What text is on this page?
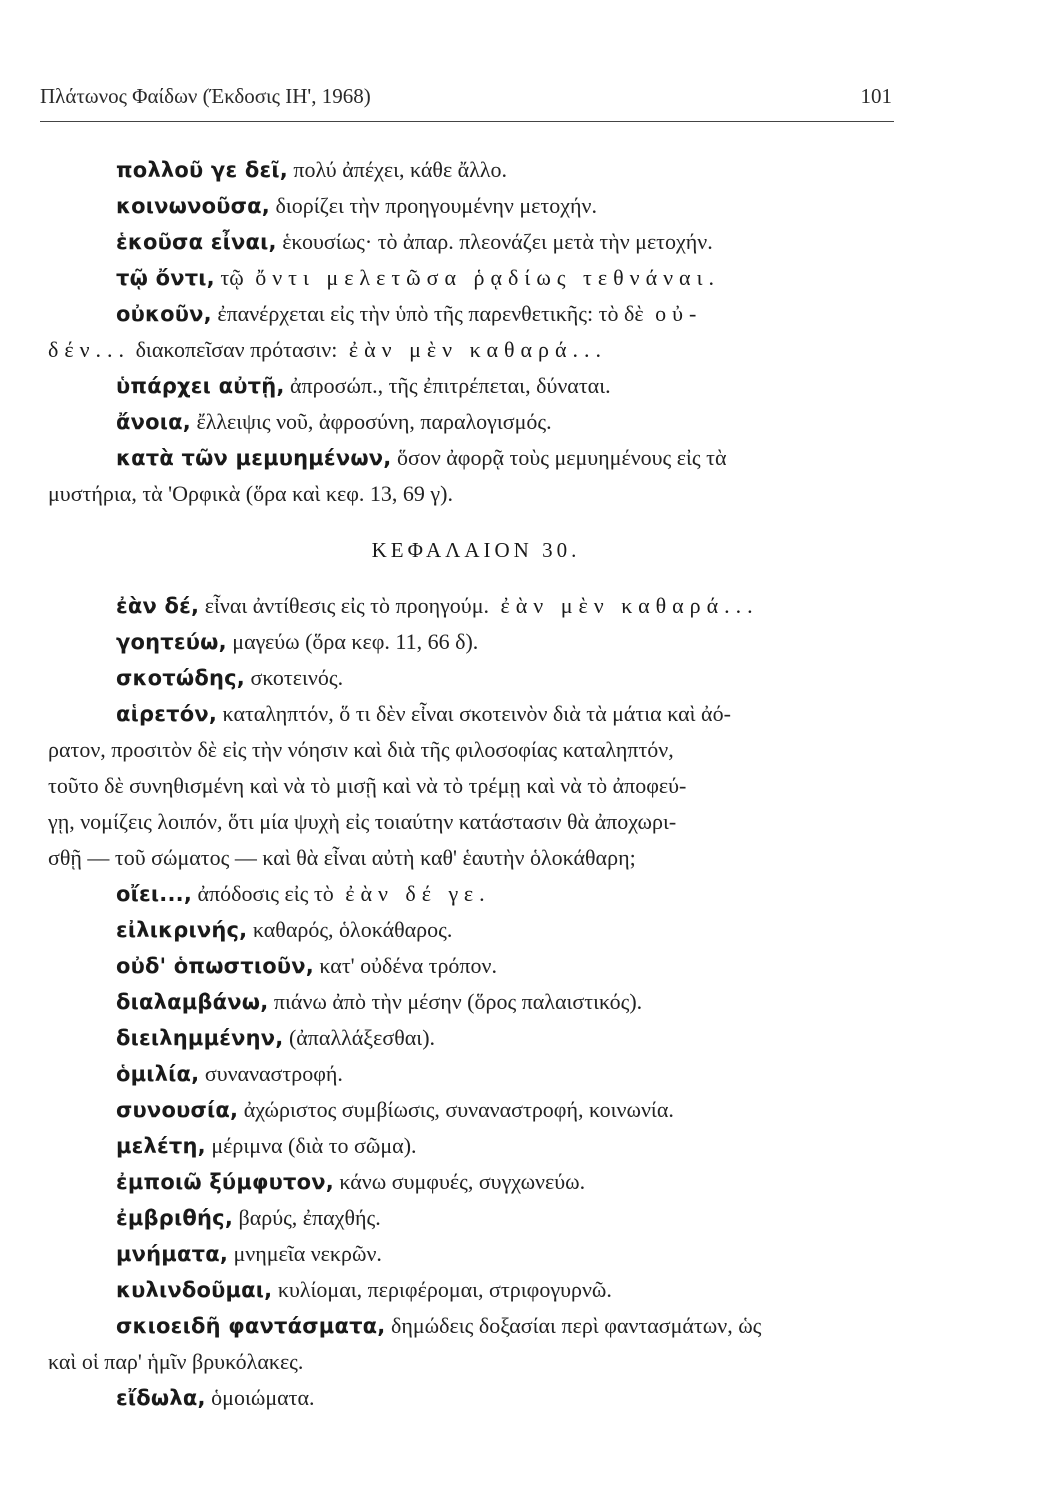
Πλάτωνος Φαίδων (Έκδοσις ΙΗ', 1968)	101
πολλοῦ γε δεῖ, πολύ ἀπέχει, κάθε ἄλλο.
κοινωνοῦσα, διορίζει τὴν προηγουμένην μετοχήν.
ἑκοῦσα εἶναι, ἑκουσίως· τὸ ἀπαρ. πλεονάζει μετὰ τὴν μετοχήν.
τῷ ὄντι, τῷ ὄντι μελετῶσα ῥᾳδίως τεθνάναι.
οὐκοῦν, ἐπανέρχεται εἰς τὴν ὑπὸ τῆς παρενθετικῆς: τὸ δὲ οὐ-
δέν... διακοπεῖσαν πρότασιν: ἐὰν μὲν καθαρά...
ὑπάρχει αὐτῇ, ἀπροσώπ., τῆς ἐπιτρέπεται, δύναται.
ἄνοια, ἔλλειψις νοῦ, ἀφροσύνη, παραλογισμός.
κατὰ τῶν μεμυημένων, ὅσον ἀφορᾷ τοὺς μεμυημένους εἰς τὰ
μυστήρια, τὰ 'Ορφικὰ (ὅρα καὶ κεφ. 13, 69 γ).
ΚΕΦΑΛΑΙΟΝ 30.
ἐὰν δέ, εἶναι ἀντίθεσις εἰς τὸ προηγούμ. ἐὰν μὲν καθαρά...
γοητεύω, μαγεύω (ὅρα κεφ. 11, 66 δ).
σκοτώδης, σκοτεινός.
αἱρετόν, καταληπτόν, ὅ τι δὲν εἶναι σκοτεινὸν διὰ τὰ μάτια καὶ ἀό-
ρατον, προσιτὸν δὲ εἰς τὴν νόησιν καὶ διὰ τῆς φιλοσοφίας καταληπτόν,
τοῦτο δὲ συνηθισμένη καὶ νὰ τὸ μισῇ καὶ νὰ τὸ τρέμῃ καὶ νὰ τὸ ἀποφεύ-
γῃ, νομίζεις λοιπόν, ὅτι μία ψυχὴ εἰς τοιαύτην κατάστασιν θὰ ἀποχωρι-
σθῇ — τοῦ σώματος — καὶ θὰ εἶναι αὐτὴ καθ' ἑαυτὴν ὁλοκάθαρη;
οἴει..., ἀπόδοσις εἰς τὸ ἐὰν δέ γε.
εἰλικρινής, καθαρός, ὁλοκάθαρος.
οὐδ' ὁπωστιοῦν, κατ' οὐδένα τρόπον.
διαλαμβάνω, πιάνω ἀπὸ τὴν μέσην (ὅρος παλαιστικός).
διειλημμένην, (ἀπαλλάξεσθαι).
ὁμιλία, συναναστροφή.
συνουσία, ἀχώριστος συμβίωσις, συναναστροφή, κοινωνία.
μελέτη, μέριμνα (διὰ το σῶμα).
ἐμποιῶ ξύμφυτον, κάνω συμφυές, συγχωνεύω.
ἐμβριθής, βαρύς, ἐπαχθής.
μνήματα, μνημεῖα νεκρῶν.
κυλινδοῦμαι, κυλίομαι, περιφέρομαι, στριφογυρνῶ.
σκιοειδῆ φαντάσματα, δημώδεις δοξασίαι περὶ φαντασμάτων, ὡς
καὶ οἱ παρ' ἡμῖν βρυκόλακες.
εἴδωλα, ὁμοιώματα.
